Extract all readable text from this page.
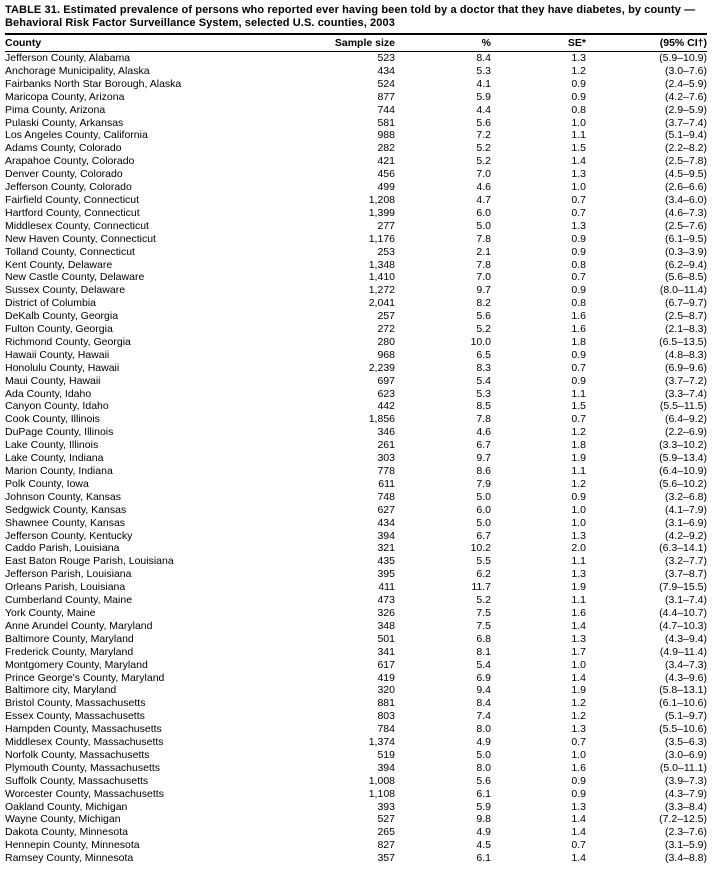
TABLE 31. Estimated prevalence of persons who reported ever having been told by a doctor that they have diabetes, by county —
Behavioral Risk Factor Surveillance System, selected U.S. counties, 2003
County	Sample size	%	SE*	(95% CI†)
Jefferson County, Alabama	523	8.4	1.3	(5.9–10.9)
Anchorage Municipality, Alaska	434	5.3	1.2	(3.0–7.6)
Fairbanks North Star Borough, Alaska	524	4.1	0.9	(2.4–5.9)
Maricopa County, Arizona	877	5.9	0.9	(4.2–7.6)
Pima County, Arizona	744	4.4	0.8	(2.9–5.9)
Pulaski County, Arkansas	581	5.6	1.0	(3.7–7.4)
Los Angeles County, California	988	7.2	1.1	(5.1–9.4)
Adams County, Colorado	282	5.2	1.5	(2.2–8.2)
Arapahoe County, Colorado	421	5.2	1.4	(2.5–7.8)
Denver County, Colorado	456	7.0	1.3	(4.5–9.5)
Jefferson County, Colorado	499	4.6	1.0	(2.6–6.6)
Fairfield County, Connecticut	1,208	4.7	0.7	(3.4–6.0)
Hartford County, Connecticut	1,399	6.0	0.7	(4.6–7.3)
Middlesex County, Connecticut	277	5.0	1.3	(2.5–7.6)
New Haven County, Connecticut	1,176	7.8	0.9	(6.1–9.5)
Tolland County, Connecticut	253	2.1	0.9	(0.3–3.9)
Kent County, Delaware	1,348	7.8	0.8	(6.2–9.4)
New Castle County, Delaware	1,410	7.0	0.7	(5.6–8.5)
Sussex County, Delaware	1,272	9.7	0.9	(8.0–11.4)
District of Columbia	2,041	8.2	0.8	(6.7–9.7)
DeKalb County, Georgia	257	5.6	1.6	(2.5–8.7)
Fulton County, Georgia	272	5.2	1.6	(2.1–8.3)
Richmond County, Georgia	280	10.0	1.8	(6.5–13.5)
Hawaii County, Hawaii	968	6.5	0.9	(4.8–8.3)
Honolulu County, Hawaii	2,239	8.3	0.7	(6.9–9.6)
Maui County, Hawaii	697	5.4	0.9	(3.7–7.2)
Ada County, Idaho	623	5.3	1.1	(3.3–7.4)
Canyon County, Idaho	442	8.5	1.5	(5.5–11.5)
Cook County, Illinois	1,856	7.8	0.7	(6.4–9.2)
DuPage County, Illinois	346	4.6	1.2	(2.2–6.9)
Lake County, Illinois	261	6.7	1.8	(3.3–10.2)
Lake County, Indiana	303	9.7	1.9	(5.9–13.4)
Marion County, Indiana	778	8.6	1.1	(6.4–10.9)
Polk County, Iowa	611	7.9	1.2	(5.6–10.2)
Johnson County, Kansas	748	5.0	0.9	(3.2–6.8)
Sedgwick County, Kansas	627	6.0	1.0	(4.1–7.9)
Shawnee County, Kansas	434	5.0	1.0	(3.1–6.9)
Jefferson County, Kentucky	394	6.7	1.3	(4.2–9.2)
Caddo Parish, Louisiana	321	10.2	2.0	(6.3–14.1)
East Baton Rouge Parish, Louisiana	435	5.5	1.1	(3.2–7.7)
Jefferson Parish, Louisiana	395	6.2	1.3	(3.7–8.7)
Orleans Parish, Louisiana	411	11.7	1.9	(7.9–15.5)
Cumberland County, Maine	473	5.2	1.1	(3.1–7.4)
York County, Maine	326	7.5	1.6	(4.4–10.7)
Anne Arundel County, Maryland	348	7.5	1.4	(4.7–10.3)
Baltimore County, Maryland	501	6.8	1.3	(4.3–9.4)
Frederick County, Maryland	341	8.1	1.7	(4.9–11.4)
Montgomery County, Maryland	617	5.4	1.0	(3.4–7.3)
Prince George's County, Maryland	419	6.9	1.4	(4.3–9.6)
Baltimore city, Maryland	320	9.4	1.9	(5.8–13.1)
Bristol County, Massachusetts	881	8.4	1.2	(6.1–10.6)
Essex County, Massachusetts	803	7.4	1.2	(5.1–9.7)
Hampden County, Massachusetts	784	8.0	1.3	(5.5–10.6)
Middlesex County, Massachusetts	1,374	4.9	0.7	(3.5–6.3)
Norfolk County, Massachusetts	519	5.0	1.0	(3.0–6.9)
Plymouth County, Massachusetts	394	8.0	1.6	(5.0–11.1)
Suffolk County, Massachusetts	1,008	5.6	0.9	(3.9–7.3)
Worcester County, Massachusetts	1,108	6.1	0.9	(4.3–7.9)
Oakland County, Michigan	393	5.9	1.3	(3.3–8.4)
Wayne County, Michigan	527	9.8	1.4	(7.2–12.5)
Dakota County, Minnesota	265	4.9	1.4	(2.3–7.6)
Hennepin County, Minnesota	827	4.5	0.7	(3.1–5.9)
Ramsey County, Minnesota	357	6.1	1.4	(3.4–8.8)
